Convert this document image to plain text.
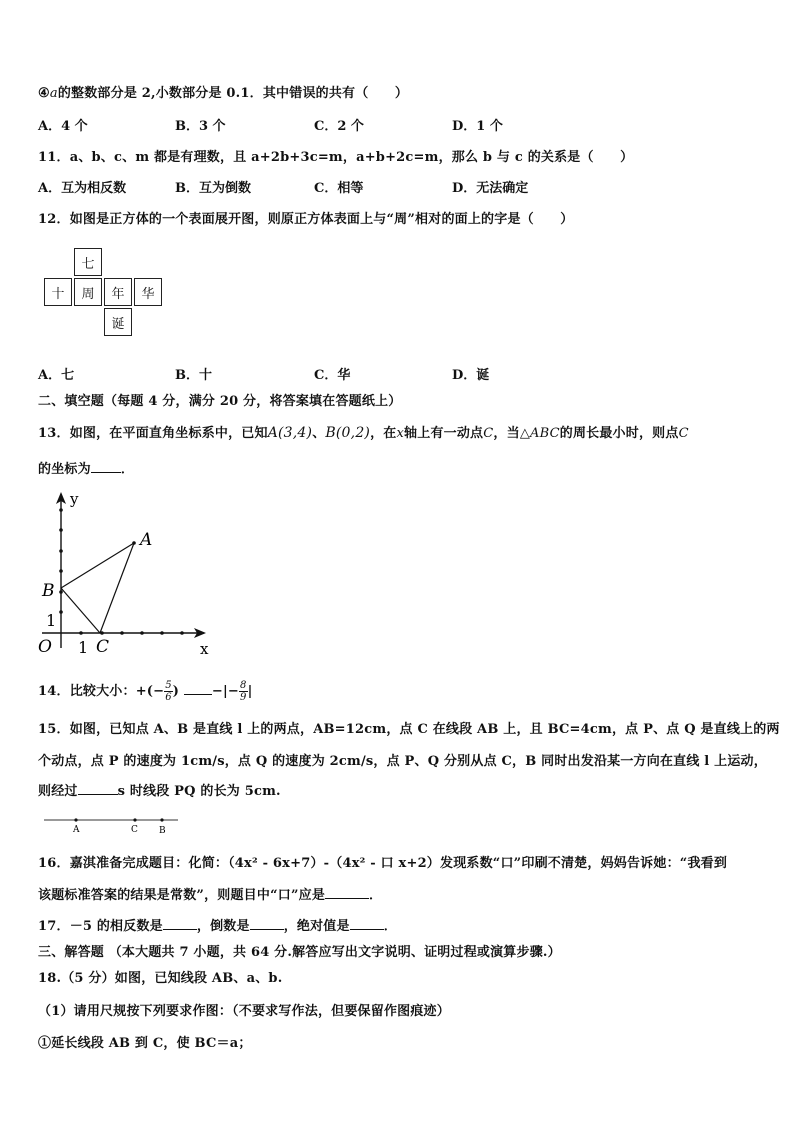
④a的整数部分是 2,小数部分是 0.1．其中错误的共有（　　）
A．4 个	B．3 个	C．2 个	D．1 个
11．a、b、c、m 都是有理数，且 a+2b+3c=m，a+b+2c=m，那么 b 与 c 的关系是（　　）
A．互为相反数	B．互为倒数	C．相等	D．无法确定
12．如图是正方体的一个表面展开图，则原正方体表面上与“周”相对的面上的字是（　　）
七
十	周	年	华
诞
A．七	B．十	C．华	D．诞
二、填空题（每题 4 分，满分 20 分，将答案填在答题纸上）
13．如图，在平面直角坐标系中，已知A(3,4)、B(0,2)，在x轴上有一动点C，当△ABC的周长最小时，则点C
的坐标为 ．
y
x
A
B
C
O 1
1
14．比较大小：+(− $\frac{5}{6}$ )	−|− $\frac{8}{9}$ |
15．如图，已知点 A、B 是直线 l 上的两点，AB=12cm，点 C 在线段 AB 上，且 BC=4cm，点 P、点 Q 是直线上的两
个动点，点 P 的速度为 1cm/s，点 Q 的速度为 2cm/s，点 P、Q 分别从点 C，B 同时出发沿某一方向在直线 l 上运动，
则经过	s 时线段 PQ 的长为 5cm.
A	C B
16．嘉淇准备完成题目：化简：（4x² - 6x+7）-（4x² - 口 x+2）发现系数“口”印刷不清楚，妈妈告诉她：“我看到
该题标准答案的结果是常数”，则题目中“口”应是	．
17．－5 的相反数是	，倒数是	，绝对值是	．
三、解答题 （本大题共 7 小题，共 64 分.解答应写出文字说明、证明过程或演算步骤.）
18.（5 分）如图，已知线段 AB、a、b.
（1）请用尺规按下列要求作图：（不要求写作法，但要保留作图痕迹）
①延长线段 AB 到 C，使 BC＝a；
